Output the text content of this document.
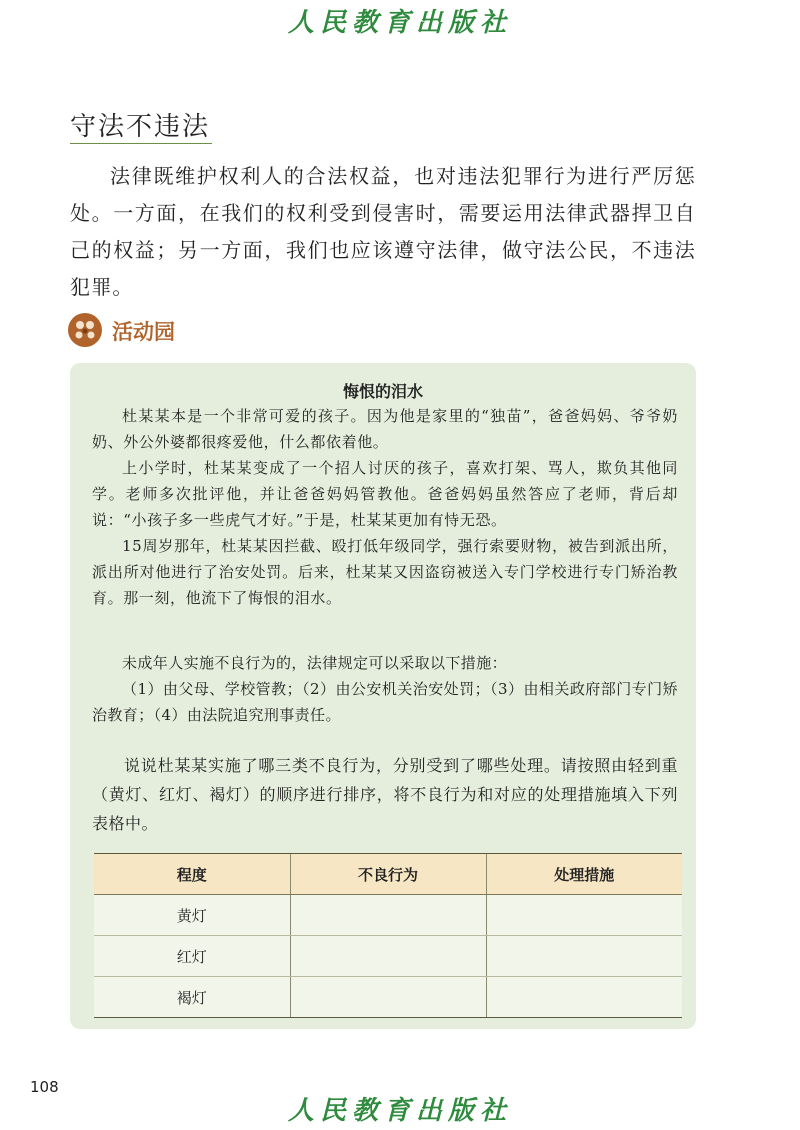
人民教育出版社
守法不违法

法律既维护权利人的合法权益，也对违法犯罪行为进行严厉惩处。一方面，在我们的权利受到侵害时，需要运用法律武器捍卫自己的权益；另一方面，我们也应该遵守法律，做守法公民，不违法犯罪。

活动园
悔恨的泪水

杜某某本是一个非常可爱的孩子。因为他是家里的“独苗”，爸爸妈妈、爷爷奶奶、外公外婆都很疼爱他，什么都依着他。

上小学时，杜某某变成了一个招人讨厌的孩子，喜欢打架、骂人，欺负其他同学。老师多次批评他，并让爸爸妈妈管教他。爸爸妈妈虽然答应了老师，背后却说：“小孩子多一些虎气才好。”于是，杜某某更加有恃无恐。

15周岁那年，杜某某因拦截、殴打低年级同学，强行索要财物，被告到派出所，派出所对他进行了治安处罚。后来，杜某某又因盗窃被送入专门学校进行专门矫治教育。那一刻，他流下了悔恨的泪水。

未成年人实施不良行为的，法律规定可以采取以下措施：

（1）由父母、学校管教；（2）由公安机关治安处罚；（3）由相关政府部门专门矫治教育；（4）由法院追究刑事责任。

说说杜某某实施了哪三类不良行为，分别受到了哪些处理。请按照由轻到重（黄灯、红灯、褐灯）的顺序进行排序，将不良行为和对应的处理措施填入下列表格中。

程度	不良行为	处理措施
黄灯		
红灯		
褐灯		
108
人民教育出版社
